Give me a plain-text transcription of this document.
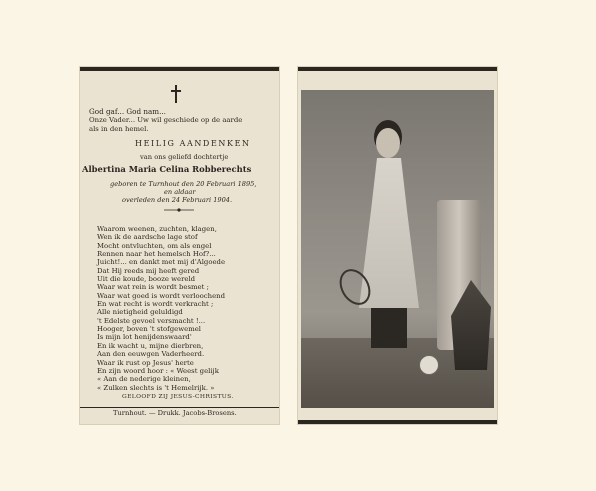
God gaf... God nam...
Onze Vader... Uw wil geschiede op de aarde
als in den hemel.
HEILIG AANDENKEN
van ons geliefd dochtertje
Albertina Maria Celina Robberechts
geboren te Turnhout den 20 Februari 1895,
en aldaar
overleden den 24 Februari 1904.
Waarom weenen, zuchten, klagen,
Wen ik de aardsche lage stof
Mocht ontvluchten, om als engel
Rennen naar het hemelsch Hof?...
Juicht!... en dankt met mij d'Algoede
Dat Hij reeds mij heeft gered
Uit die koude, booze wereld
Waar wat rein is wordt besmet ;
Waar wat goed is wordt verloochend
En wat recht is wordt verkracht ;
Alle nietigheid geluldigd
't Edelste gevoel versmacht !...
Hooger, boven 't stofgewemel
Is mijn lot henijdenswaard'
En ik wacht u, mijne dierbren,
Aan den eeuwgen Vaderheerd.
Waar ik rust op Jesus' herte
En zijn woord hoor : « Weest gelijk
« Aan de nederige kleinen,
« Zulken slechts is 't Hemelrijk. »
GELOOFD ZIJ JESUS-CHRISTUS.
Turnhout. — Drukk. Jacobs-Brosens.
